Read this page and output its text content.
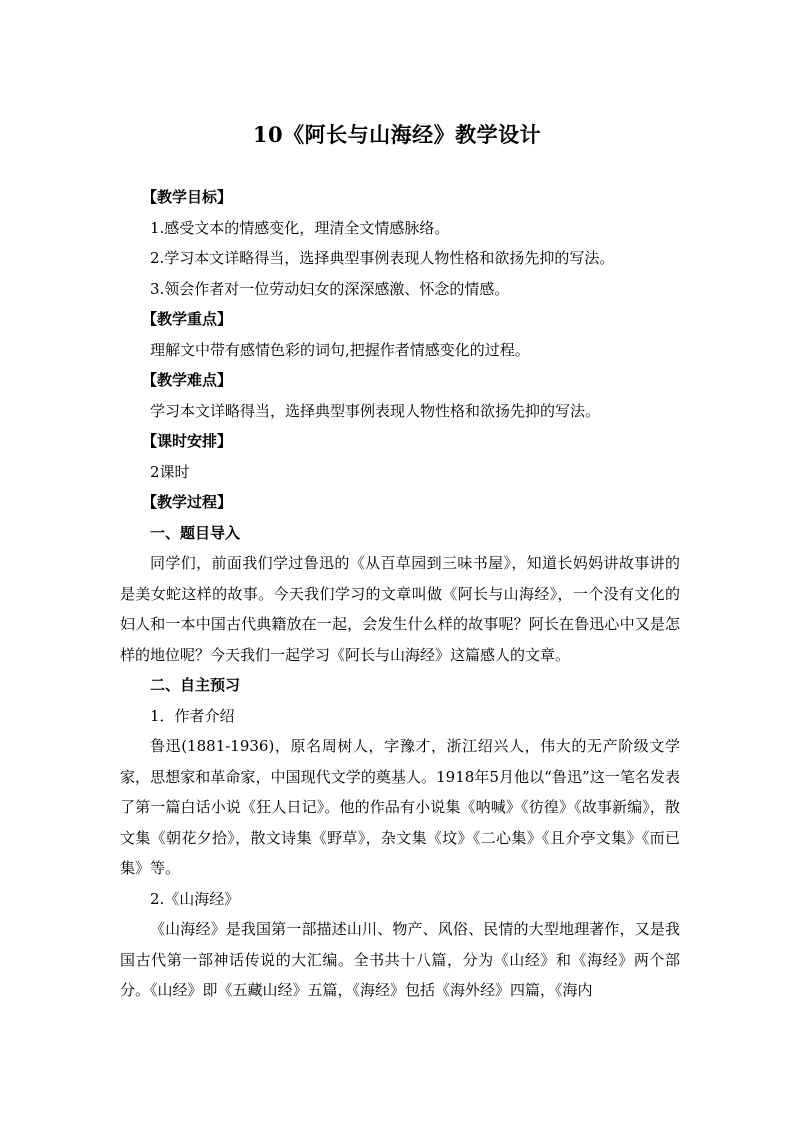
10《阿长与山海经》教学设计
【教学目标】
1.感受文本的情感变化，理清全文情感脉络。
2.学习本文详略得当，选择典型事例表现人物性格和欲扬先抑的写法。
3.领会作者对一位劳动妇女的深深感激、怀念的情感。
【教学重点】
理解文中带有感情色彩的词句,把握作者情感变化的过程。
【教学难点】
学习本文详略得当，选择典型事例表现人物性格和欲扬先抑的写法。
【课时安排】
2课时
【教学过程】
一、题目导入

同学们，前面我们学过鲁迅的《从百草园到三味书屋》，知道长妈妈讲故事讲的是美女蛇这样的故事。今天我们学习的文章叫做《阿长与山海经》，一个没有文化的妇人和一本中国古代典籍放在一起，会发生什么样的故事呢？阿长在鲁迅心中又是怎样的地位呢？今天我们一起学习《阿长与山海经》这篇感人的文章。

二、自主预习
1．作者介绍

鲁迅(1881-1936)，原名周树人，字豫才，浙江绍兴人，伟大的无产阶级文学家，思想家和革命家，中国现代文学的奠基人。1918年5月他以“鲁迅”这一笔名发表了第一篇白话小说《狂人日记》。他的作品有小说集《呐喊》《彷徨》《故事新编》，散文集《朝花夕拾》，散文诗集《野草》，杂文集《坟》《二心集》《且介亭文集》《而已集》等。

2.《山海经》

《山海经》是我国第一部描述山川、物产、风俗、民情的大型地理著作，又是我国古代第一部神话传说的大汇编。全书共十八篇，分为《山经》和《海经》两个部分。《山经》即《五藏山经》五篇，《海经》包括《海外经》四篇，《海内
